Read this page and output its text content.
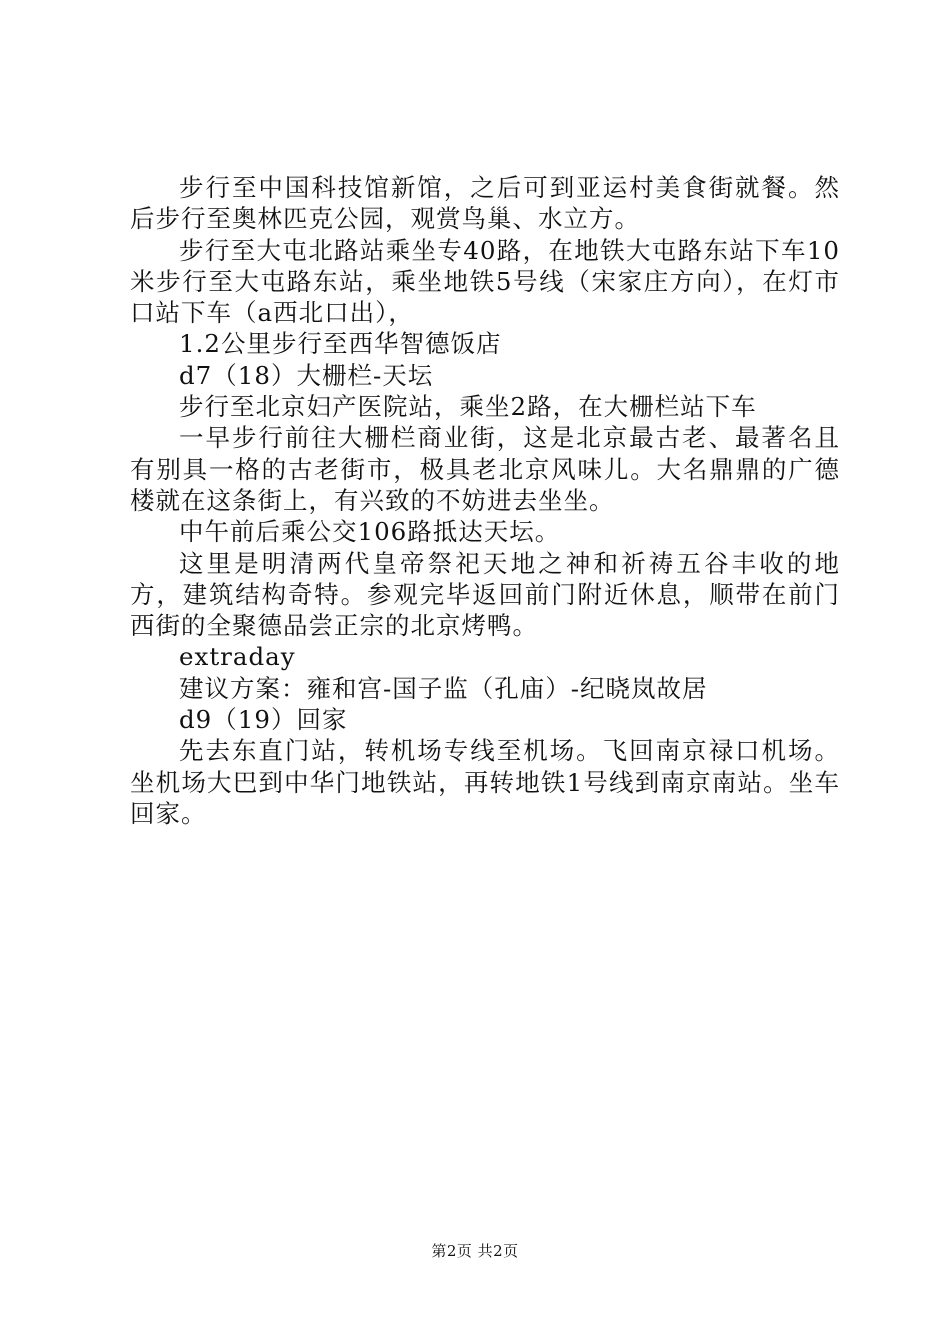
步行至中国科技馆新馆，之后可到亚运村美食街就餐。然后步行至奥林匹克公园，观赏鸟巢、水立方。

步行至大屯北路站乘坐专40路，在地铁大屯路东站下车10米步行至大屯路东站，乘坐地铁5号线（宋家庄方向），在灯市口站下车（a西北口出），

1.2公里步行至西华智德饭店

d7（18）大栅栏-天坛

步行至北京妇产医院站，乘坐2路，在大栅栏站下车

一早步行前往大栅栏商业街，这是北京最古老、最著名且有别具一格的古老街市，极具老北京风味儿。大名鼎鼎的广德楼就在这条街上，有兴致的不妨进去坐坐。

中午前后乘公交106路抵达天坛。

这里是明清两代皇帝祭祀天地之神和祈祷五谷丰收的地方，建筑结构奇特。参观完毕返回前门附近休息，顺带在前门西街的全聚德品尝正宗的北京烤鸭。

extraday

建议方案：雍和宫-国子监（孔庙）-纪晓岚故居

d9（19）回家

先去东直门站，转机场专线至机场。飞回南京禄口机场。坐机场大巴到中华门地铁站，再转地铁1号线到南京南站。坐车回家。

第2页 共2页
